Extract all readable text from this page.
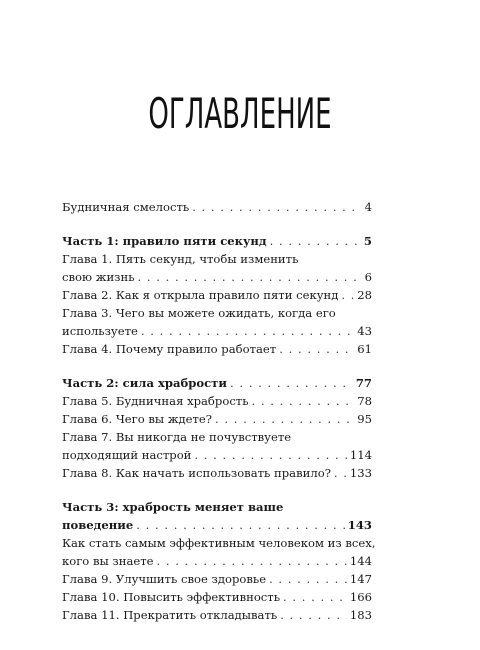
ОГЛАВЛЕНИЕ
Будничная смелость . . .	4
Часть 1: правило пяти секунд . . .	5
Глава 1. Пять секунд, чтобы изменить
свою жизнь . . .	6
Глава 2. Как я открыла правило пяти секунд . . . 28
Глава 3. Чего вы можете ожидать, когда его
используете . . .	43
Глава 4. Почему правило работает . . .	61
Часть 2: сила храбрости . . .	77
Глава 5. Будничная храбрость . . .	78
Глава 6. Чего вы ждете? . . .	95
Глава 7. Вы никогда не почувствуете
подходящий настрой . . .	114
Глава 8. Как начать использовать правило? . . . 133
Часть 3: храбрость меняет ваше
поведение . . .	143
Как стать самым эффективным человеком из всех,
кого вы знаете . . .	144
Глава 9. Улучшить свое здоровье . . .	147
Глава 10. Повысить эффективность . . .	166
Глава 11. Прекратить откладывать . . .	183
